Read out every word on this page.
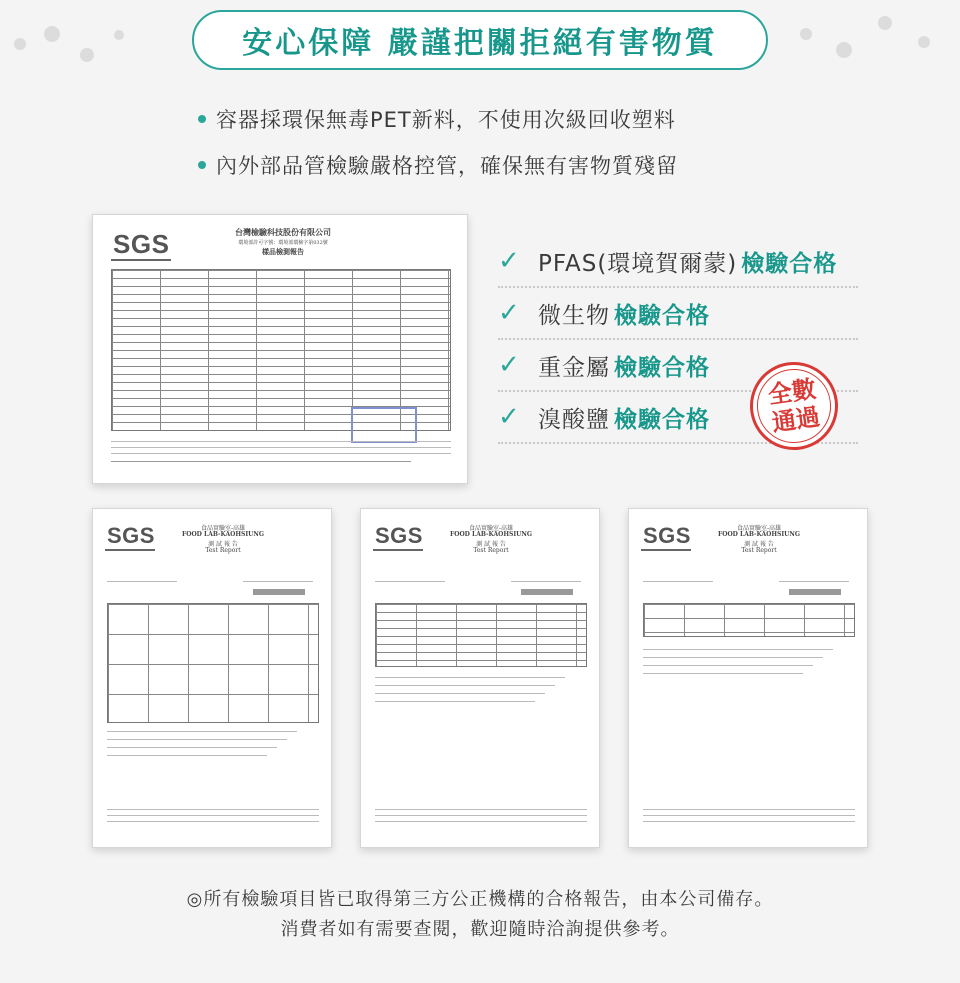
安心保障 嚴謹把關拒絕有害物質
容器採環保無毒PET新料，不使用次級回收塑料
內外部品管檢驗嚴格控管，確保無有害物質殘留
SGS	台灣檢驗科技股份有限公司
環境部許可字號：環境部環檢字第032號
樣品檢測報告	✓ PFAS(環境賀爾蒙) 檢驗合格
✓ 微生物 檢驗合格
✓ 重金屬 檢驗合格
✓ 溴酸鹽 檢驗合格
全數
通過
SGS	食品實驗室-高雄
FOOD LAB-KAOHSIUNG
測 試 報 告
Test Report
SGS	食品實驗室-高雄
FOOD LAB-KAOHSIUNG
測 試 報 告
Test Report
SGS	食品實驗室-高雄
FOOD LAB-KAOHSIUNG
測 試 報 告
Test Report
◎所有檢驗項目皆已取得第三方公正機構的合格報告，由本公司備存。
消費者如有需要查閱，歡迎隨時洽詢提供參考。
